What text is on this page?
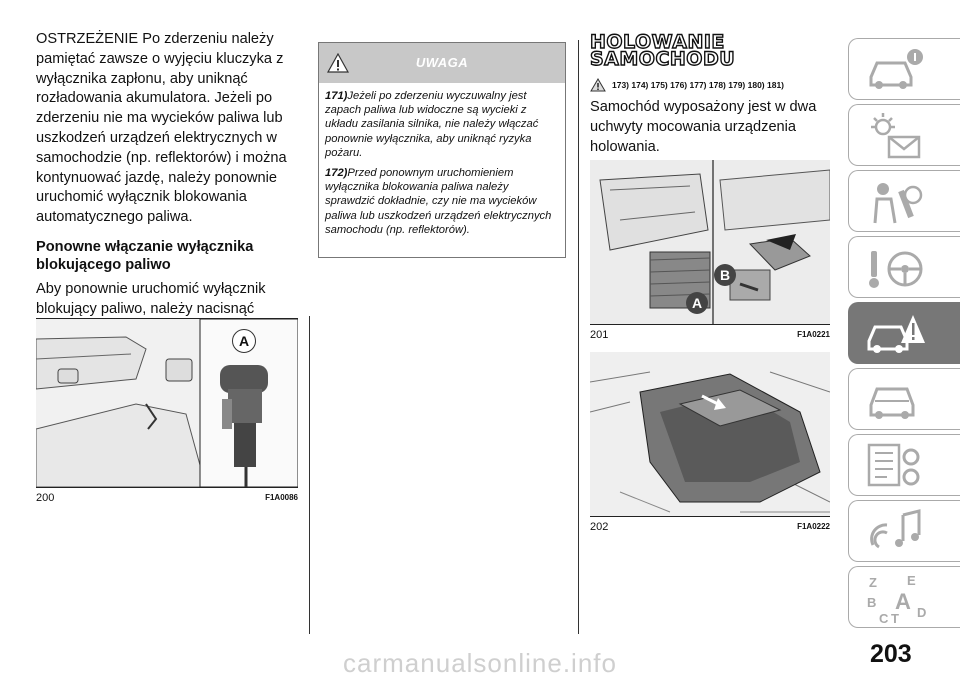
OSTRZEŻENIE Po zderzeniu należy pamiętać zawsze o wyjęciu kluczyka z wyłącznika zapłonu, aby uniknąć rozładowania akumulatora. Jeżeli po zderzeniu nie ma wycieków paliwa lub uszkodzeń urządzeń elektrycznych w samochodzie (np. reflektorów) i można kontynuować jazdę, należy ponownie uruchomić wyłącznik blokowania automatycznego paliwa.

Ponowne włączanie wyłącznika blokującego paliwo

Aby ponownie uruchomić wyłącznik blokujący paliwo, należy nacisnąć

A
200	F1A0086
UWAGA

171)Jeżeli po zderzeniu wyczuwalny jest zapach paliwa lub widoczne są wycieki z układu zasilania silnika, nie należy włączać ponownie wyłącznika, aby uniknąć ryzyka pożaru.

172)Przed ponownym uruchomieniem wyłącznika blokowania paliwa należy sprawdzić dokładnie, czy nie ma wycieków paliwa lub uszkodzeń urządzeń elektrycznych samochodu (np. reflektorów).

HOLOWANIE
SAMOCHODU
173) 174) 175) 176) 177) 178) 179) 180) 181)

Samochód wyposażony jest w dwa uchwyty mocowania urządzenia holowania.

A
B
201	F1A0221
202	F1A0222
Z E
B A
C T D
203
carmanualsonline.info
